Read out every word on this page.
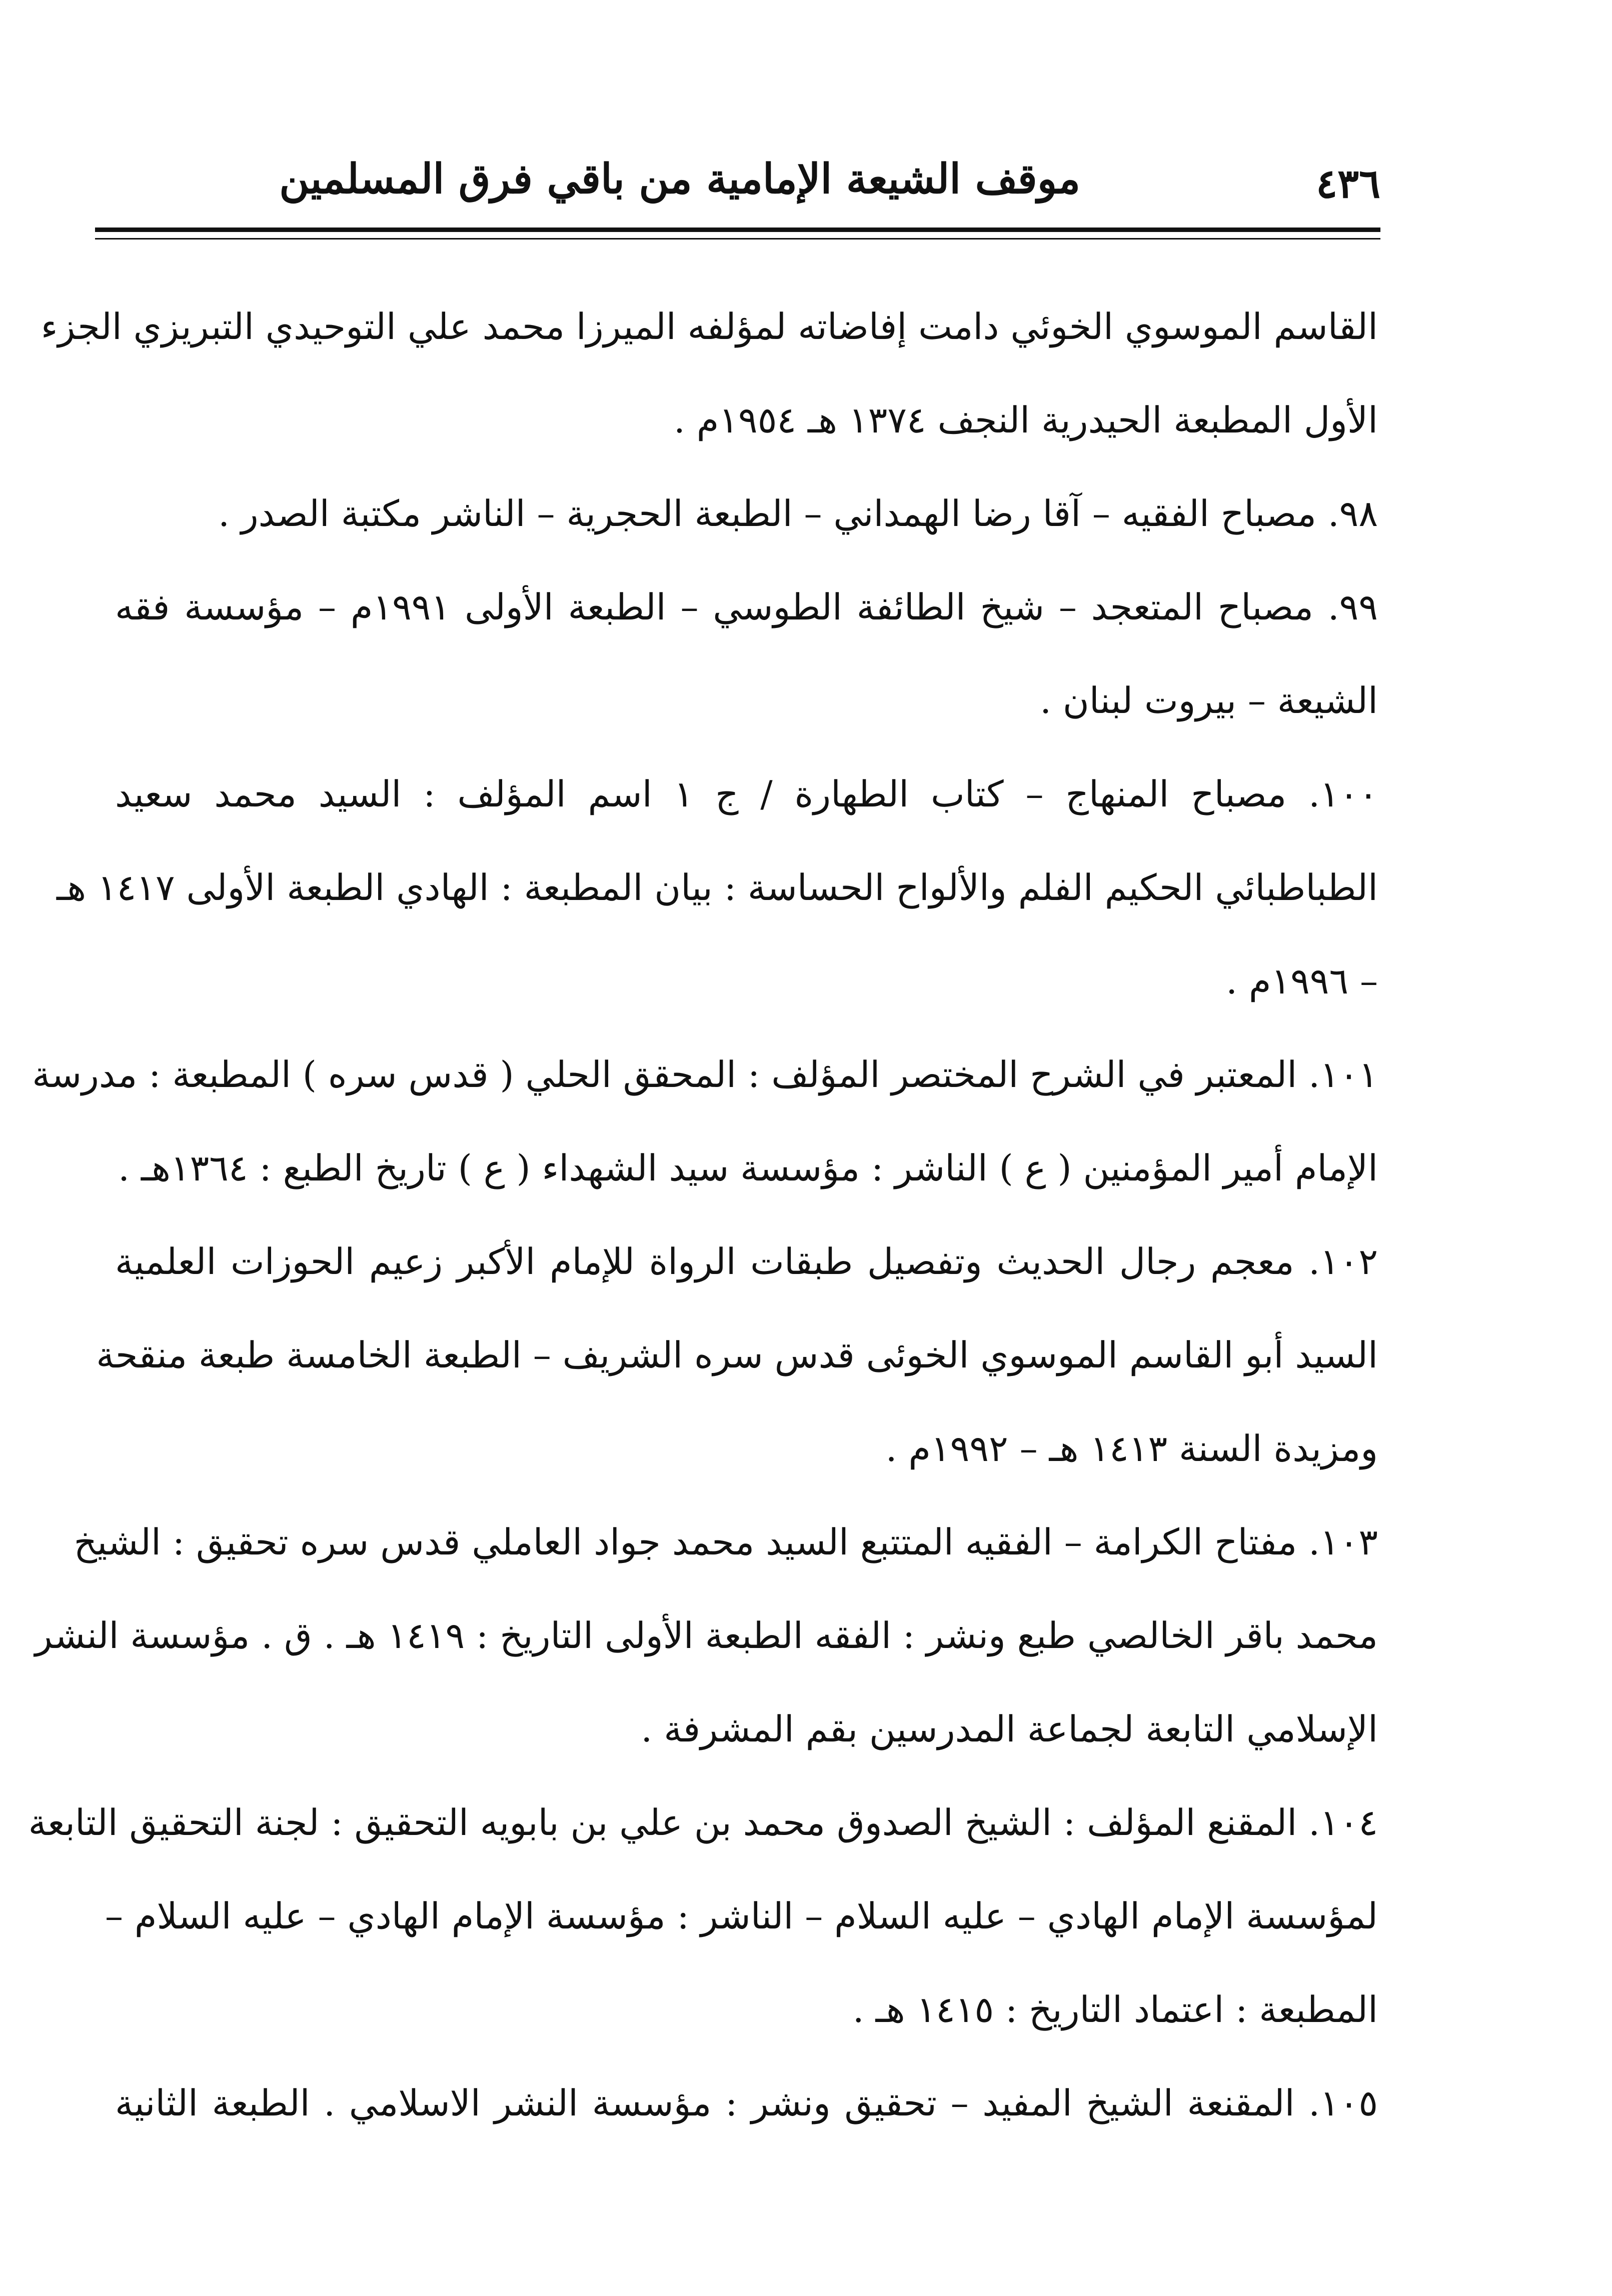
٤٣٦
موقف الشيعة الإمامية من باقي فرق المسلمين
القاسم الموسوي الخوئي دامت إفاضاته لمؤلفه الميرزا محمد علي التوحيدي التبريزي الجزء
الأول المطبعة الحيدرية النجف ١٣٧٤ هـ ١٩٥٤م .
٩٨. مصباح الفقيه – آقا رضا الهمداني – الطبعة الحجرية – الناشر مكتبة الصدر .
٩٩. مصباح المتعجد – شيخ الطائفة الطوسي – الطبعة الأولى ١٩٩١م – مؤسسة فقه
الشيعة – بيروت لبنان .
١٠٠. مصباح المنهاج – كتاب الطهارة / ج ١ اسم المؤلف : السيد محمد سعيد
الطباطبائي الحكيم الفلم والألواح الحساسة : بيان المطبعة : الهادي الطبعة الأولى ١٤١٧ هـ
– ١٩٩٦م .
١٠١. المعتبر في الشرح المختصر المؤلف : المحقق الحلي ( قدس سره ) المطبعة : مدرسة
الإمام أمير المؤمنين ( ع ) الناشر : مؤسسة سيد الشهداء ( ع ) تاريخ الطبع : ١٣٦٤هـ .
١٠٢. معجم رجال الحديث وتفصيل طبقات الرواة للإمام الأكبر زعيم الحوزات العلمية
السيد أبو القاسم الموسوي الخوئى قدس سره الشريف – الطبعة الخامسة طبعة منقحة
ومزيدة السنة ١٤١٣ هـ – ١٩٩٢م .
١٠٣. مفتاح الكرامة – الفقيه المتتبع السيد محمد جواد العاملي قدس سره تحقيق : الشيخ
محمد باقر الخالصي طبع ونشر : الفقه الطبعة الأولى التاريخ : ١٤١٩ هـ . ق . مؤسسة النشر
الإسلامي التابعة لجماعة المدرسين بقم المشرفة .
١٠٤. المقنع المؤلف : الشيخ الصدوق محمد بن علي بن بابويه التحقيق : لجنة التحقيق التابعة
لمؤسسة الإمام الهادي – عليه السلام – الناشر : مؤسسة الإمام الهادي – عليه السلام –
المطبعة : اعتماد التاريخ : ١٤١٥ هـ .
١٠٥. المقنعة الشيخ المفيد – تحقيق ونشر : مؤسسة النشر الاسلامي . الطبعة الثانية
